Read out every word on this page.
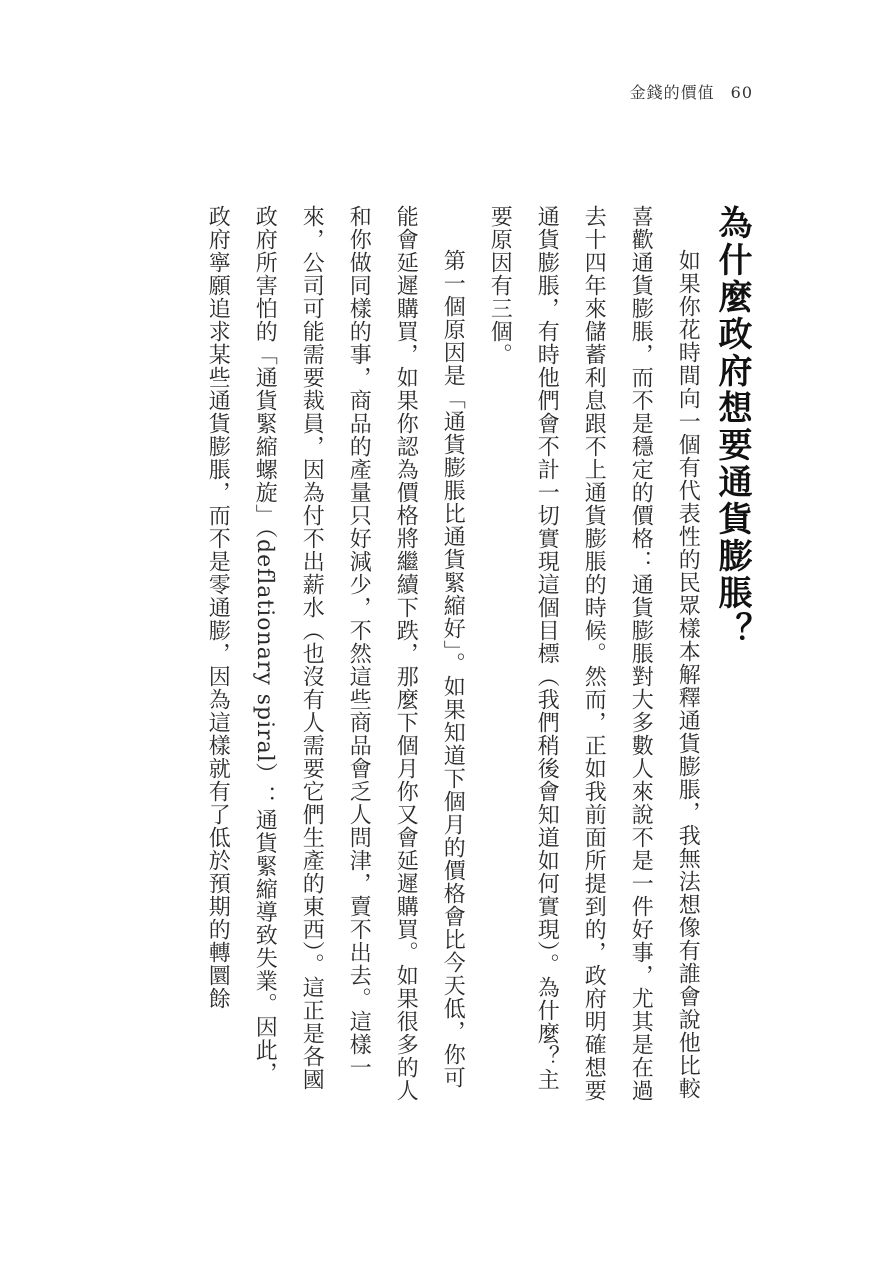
金錢的價值 60
為什麼政府想要通貨膨脹？

如果你花時間向一個有代表性的民眾樣本解釋通貨膨脹，我無法想像有誰會說他比較喜歡通貨膨脹，而不是穩定的價格：通貨膨脹對大多數人來說不是一件好事，尤其是在過去十四年來儲蓄利息跟不上通貨膨脹的時候。然而，正如我前面所提到的，政府明確想要通貨膨脹，有時他們會不計一切實現這個目標（我們稍後會知道如何實現）。為什麼？主要原因有三個。

第一個原因是「通貨膨脹比通貨緊縮好」。如果知道下個月的價格會比今天低，你可能會延遲購買，如果你認為價格將繼續下跌，那麼下個月你又會延遲購買。如果很多的人和你做同樣的事，商品的產量只好減少，不然這些商品會乏人問津，賣不出去。這樣一來，公司可能需要裁員，因為付不出薪水（也沒有人需要它們生產的東西）。這正是各國政府所害怕的「通貨緊縮螺旋」（deflationary spiral）：通貨緊縮導致失業。因此，政府寧願追求某些通貨膨脹，而不是零通膨，因為這樣就有了低於預期的轉圜餘
